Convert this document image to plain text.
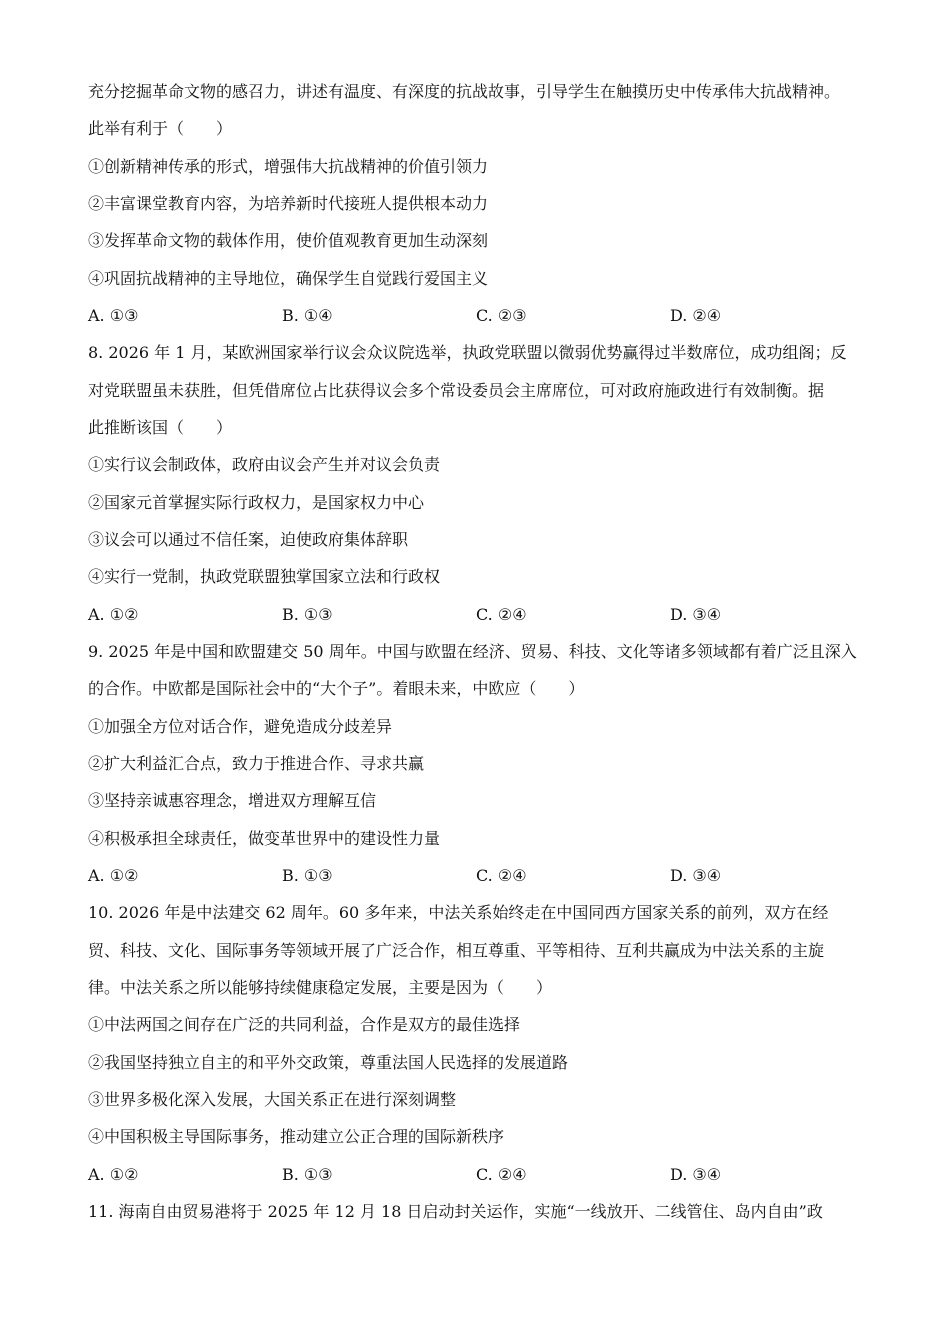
充分挖掘革命文物的感召力，讲述有温度、有深度的抗战故事，引导学生在触摸历史中传承伟大抗战精神。
此举有利于（　　）
①创新精神传承的形式，增强伟大抗战精神的价值引领力
②丰富课堂教育内容，为培养新时代接班人提供根本动力
③发挥革命文物的载体作用，使价值观教育更加生动深刻
④巩固抗战精神的主导地位，确保学生自觉践行爱国主义
A. ①③	B. ①④	C. ②③	D. ②④
8. 2026 年 1 月，某欧洲国家举行议会众议院选举，执政党联盟以微弱优势赢得过半数席位，成功组阁；反
对党联盟虽未获胜，但凭借席位占比获得议会多个常设委员会主席席位，可对政府施政进行有效制衡。据
此推断该国（　　）
①实行议会制政体，政府由议会产生并对议会负责
②国家元首掌握实际行政权力，是国家权力中心
③议会可以通过不信任案，迫使政府集体辞职
④实行一党制，执政党联盟独掌国家立法和行政权
A. ①②	B. ①③	C. ②④	D. ③④
9. 2025 年是中国和欧盟建交 50 周年。中国与欧盟在经济、贸易、科技、文化等诸多领域都有着广泛且深入
的合作。中欧都是国际社会中的“大个子”。着眼未来，中欧应（　　）
①加强全方位对话合作，避免造成分歧差异
②扩大利益汇合点，致力于推进合作、寻求共赢
③坚持亲诚惠容理念，增进双方理解互信
④积极承担全球责任，做变革世界中的建设性力量
A. ①②	B. ①③	C. ②④	D. ③④
10. 2026 年是中法建交 62 周年。60 多年来，中法关系始终走在中国同西方国家关系的前列，双方在经
贸、科技、文化、国际事务等领域开展了广泛合作，相互尊重、平等相待、互利共赢成为中法关系的主旋
律。中法关系之所以能够持续健康稳定发展，主要是因为（　　）
①中法两国之间存在广泛的共同利益，合作是双方的最佳选择
②我国坚持独立自主的和平外交政策，尊重法国人民选择的发展道路
③世界多极化深入发展，大国关系正在进行深刻调整
④中国积极主导国际事务，推动建立公正合理的国际新秩序
A. ①②	B. ①③	C. ②④	D. ③④
11. 海南自由贸易港将于 2025 年 12 月 18 日启动封关运作，实施“一线放开、二线管住、岛内自由”政
